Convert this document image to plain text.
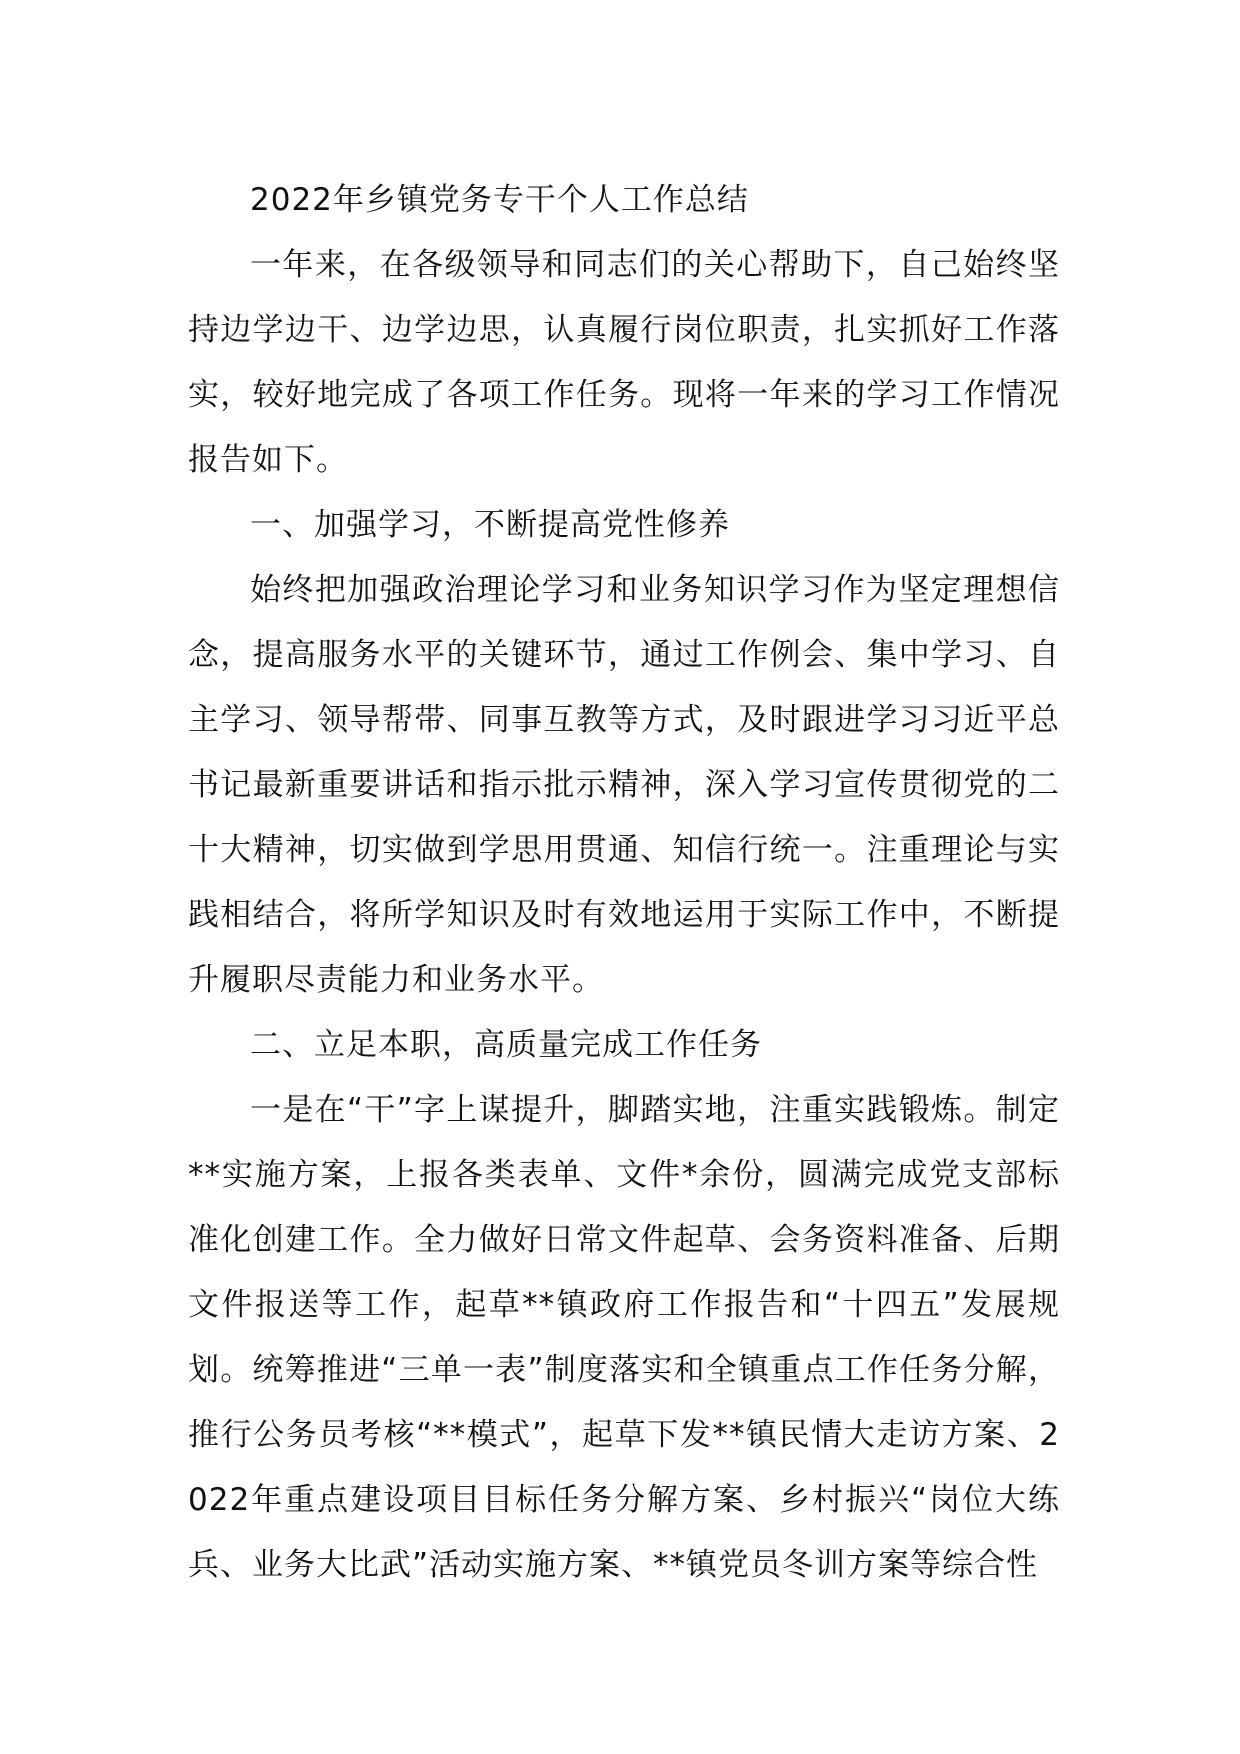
2022年乡镇党务专干个人工作总结

一年来，在各级领导和同志们的关心帮助下，自己始终坚持边学边干、边学边思，认真履行岗位职责，扎实抓好工作落实，较好地完成了各项工作任务。现将一年来的学习工作情况报告如下。

一、加强学习，不断提高党性修养

始终把加强政治理论学习和业务知识学习作为坚定理想信念，提高服务水平的关键环节，通过工作例会、集中学习、自主学习、领导帮带、同事互教等方式，及时跟进学习习近平总书记最新重要讲话和指示批示精神，深入学习宣传贯彻党的二十大精神，切实做到学思用贯通、知信行统一。注重理论与实践相结合，将所学知识及时有效地运用于实际工作中，不断提升履职尽责能力和业务水平。

二、立足本职，高质量完成工作任务

一是在“干”字上谋提升，脚踏实地，注重实践锻炼。制定**实施方案，上报各类表单、文件*余份，圆满完成党支部标准化创建工作。全力做好日常文件起草、会务资料准备、后期文件报送等工作，起草**镇政府工作报告和“十四五”发展规划。统筹推进“三单一表”制度落实和全镇重点工作任务分解，推行公务员考核“**模式”，起草下发**镇民情大走访方案、2022年重点建设项目目标任务分解方案、乡村振兴“岗位大练兵、业务大比武”活动实施方案、**镇党员冬训方案等综合性
